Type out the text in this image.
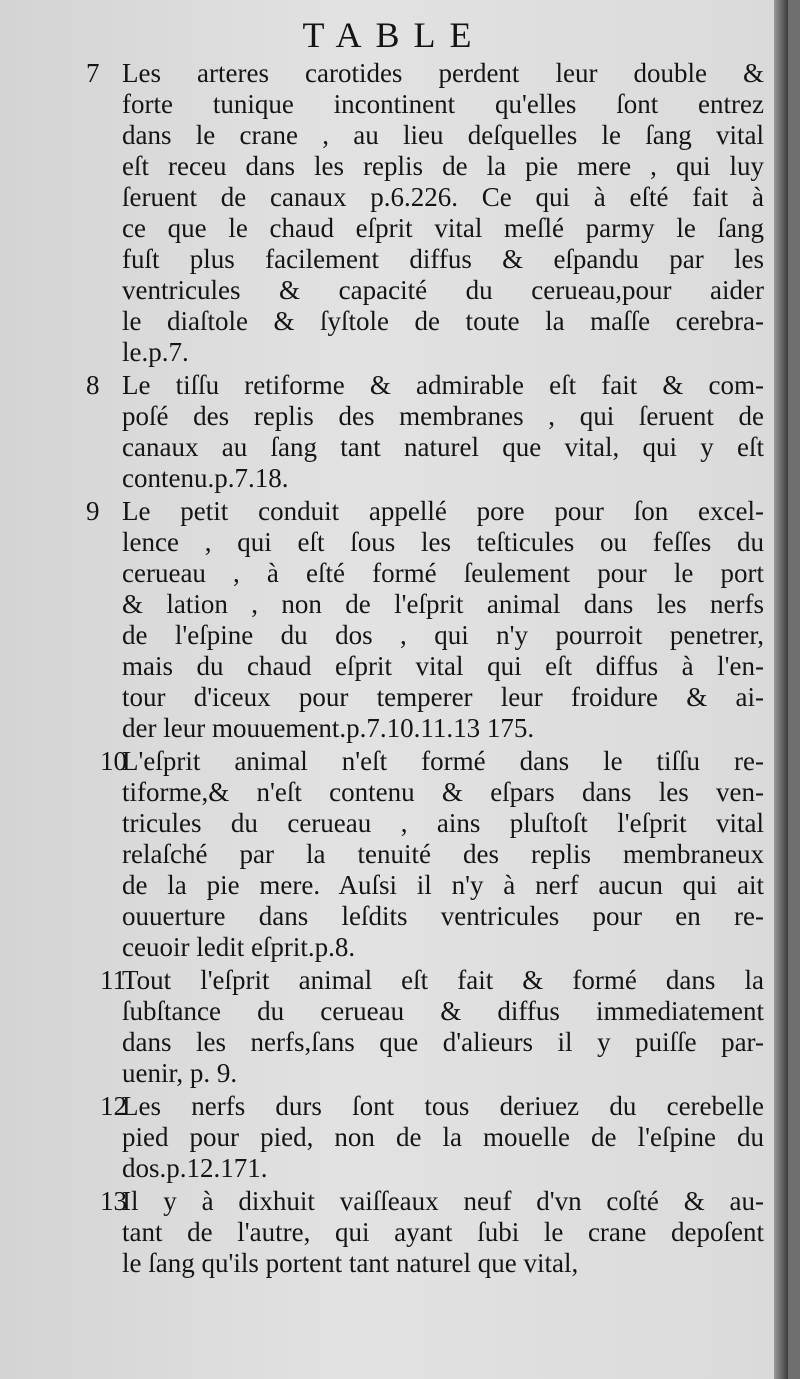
TABLE
7 Les arteres carotides perdent leur double &
forte tunique incontinent qu'elles ſont entrez
dans le crane , au lieu deſquelles le ſang vital
eſt receu dans les replis de la pie mere , qui luy
ſeruent de canaux p.6.226. Ce qui à eſté fait à
ce que le chaud eſprit vital meſlé parmy le ſang
fuſt plus facilement diffus & eſpandu par les
ventricules & capacité du cerueau,pour aider
le diaſtole & ſyſtole de toute la maſſe cerebra-
le.p.7.
8 Le tiſſu retiforme & admirable eſt fait & com-
poſé des replis des membranes , qui ſeruent de
canaux au ſang tant naturel que vital, qui y eſt
contenu.p.7.18.
9 Le petit conduit appellé pore pour ſon excel-
lence , qui eſt ſous les teſticules ou feſſes du
cerueau , à eſté formé ſeulement pour le port
& lation , non de l'eſprit animal dans les nerfs
de l'eſpine du dos , qui n'y pourroit penetrer,
mais du chaud eſprit vital qui eſt diffus à l'en-
tour d'iceux pour temperer leur froidure & ai-
der leur mouuement.p.7.10.11.13 175.
10
L'eſprit animal n'eſt formé dans le tiſſu re-
tiforme,& n'eſt contenu & eſpars dans les ven-
tricules du cerueau , ains pluſtoſt l'eſprit vital
relaſché par la tenuité des replis membraneux
de la pie mere. Auſsi il n'y à nerf aucun qui ait
ouuerture dans leſdits ventricules pour en re-
ceuoir ledit eſprit.p.8.
11
Tout l'eſprit animal eſt fait & formé dans la
ſubſtance du cerueau & diffus immediatement
dans les nerfs,ſans que d'alieurs il y puiſſe par-
uenir, p. 9.
12
Les nerfs durs ſont tous deriuez du cerebelle
pied pour pied, non de la mouelle de l'eſpine du
dos.p.12.171.
13
Il y à dixhuit vaiſſeaux neuf d'vn coſté & au-
tant de l'autre, qui ayant ſubi le crane depoſent
le ſang qu'ils portent tant naturel que vital,
